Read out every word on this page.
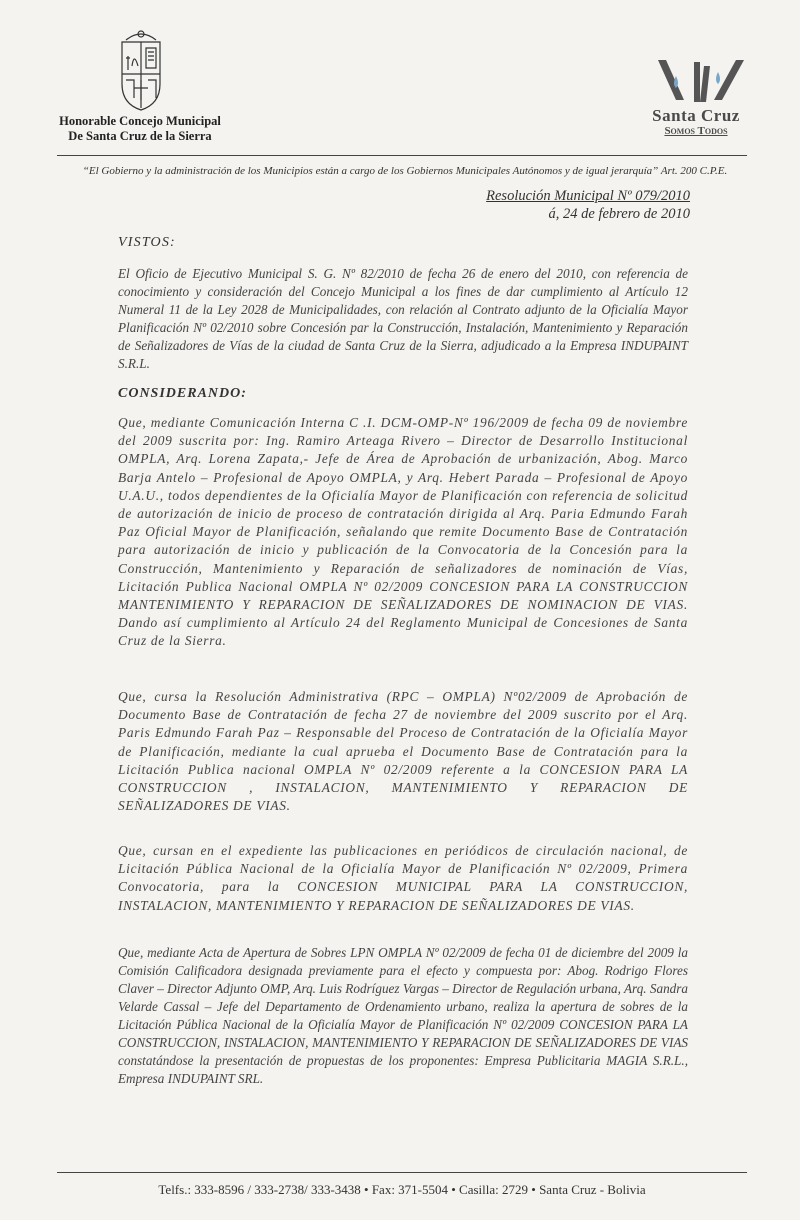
Honorable Concejo Municipal
De Santa Cruz de la Sierra
Santa Cruz
Somos Todos
“El Gobierno y la administración de los Municipios están a cargo de los Gobiernos Municipales Autónomos y de igual jerarquía” Art. 200 C.P.E.
Resolución Municipal Nº 079/2010
á, 24 de febrero de 2010
VISTOS:
El Oficio de Ejecutivo Municipal S. G. Nº 82/2010 de fecha 26 de enero del 2010, con referencia de conocimiento y consideración del Concejo Municipal a los fines de dar cumplimiento al Artículo 12 Numeral 11 de la Ley 2028 de Municipalidades, con relación al Contrato adjunto de la Oficialía Mayor Planificación Nº 02/2010 sobre Concesión par la Construcción, Instalación, Mantenimiento y Reparación de Señalizadores de Vías de la ciudad de Santa Cruz de la Sierra, adjudicado a la Empresa INDUPAINT S.R.L.
CONSIDERANDO:
Que, mediante Comunicación Interna C .I. DCM-OMP-Nº 196/2009 de fecha 09 de noviembre del 2009 suscrita por: Ing. Ramiro Arteaga Rivero – Director de Desarrollo Institucional OMPLA, Arq. Lorena Zapata,- Jefe de Área de Aprobación de urbanización, Abog. Marco Barja Antelo – Profesional de Apoyo OMPLA, y Arq. Hebert Parada – Profesional de Apoyo U.A.U., todos dependientes de la Oficialía Mayor de Planificación con referencia de solicitud de autorización de inicio de proceso de contratación dirigida al Arq. Paria Edmundo Farah Paz Oficial Mayor de Planificación, señalando que remite Documento Base de Contratación para autorización de inicio y publicación de la Convocatoria de la Concesión para la Construcción, Mantenimiento y Reparación de señalizadores de nominación de Vías, Licitación Publica Nacional OMPLA Nº 02/2009 CONCESION PARA LA CONSTRUCCION MANTENIMIENTO Y REPARACION DE SEÑALIZADORES DE NOMINACION DE VIAS. Dando así cumplimiento al Artículo 24 del Reglamento Municipal de Concesiones de Santa Cruz de la Sierra.
Que, cursa la Resolución Administrativa (RPC – OMPLA) Nº02/2009 de Aprobación de Documento Base de Contratación de fecha 27 de noviembre del 2009 suscrito por el Arq. Paris Edmundo Farah Paz – Responsable del Proceso de Contratación de la Oficialía Mayor de Planificación, mediante la cual aprueba el Documento Base de Contratación para la Licitación Publica nacional OMPLA Nº 02/2009 referente a la CONCESION PARA LA CONSTRUCCION , INSTALACION, MANTENIMIENTO Y REPARACION DE SEÑALIZADORES DE VIAS.
Que, cursan en el expediente las publicaciones en periódicos de circulación nacional, de Licitación Pública Nacional de la Oficialía Mayor de Planificación Nº 02/2009, Primera Convocatoria, para la CONCESION MUNICIPAL PARA LA CONSTRUCCION, INSTALACION, MANTENIMIENTO Y REPARACION DE SEÑALIZADORES DE VIAS.
Que, mediante Acta de Apertura de Sobres LPN OMPLA Nº 02/2009 de fecha 01 de diciembre del 2009 la Comisión Calificadora designada previamente para el efecto y compuesta por: Abog. Rodrigo Flores Claver – Director Adjunto OMP, Arq. Luis Rodríguez Vargas – Director de Regulación urbana, Arq. Sandra Velarde Cassal – Jefe del Departamento de Ordenamiento urbano, realiza la apertura de sobres de la Licitación Pública Nacional de la Oficialía Mayor de Planificación Nº 02/2009 CONCESION PARA LA CONSTRUCCION, INSTALACION, MANTENIMIENTO Y REPARACION DE SEÑALIZADORES DE VIAS constatándose la presentación de propuestas de los proponentes: Empresa Publicitaria MAGIA S.R.L., Empresa INDUPAINT SRL.
Telfs.: 333-8596 / 333-2738/ 333-3438 • Fax: 371-5504 • Casilla: 2729 • Santa Cruz - Bolivia
